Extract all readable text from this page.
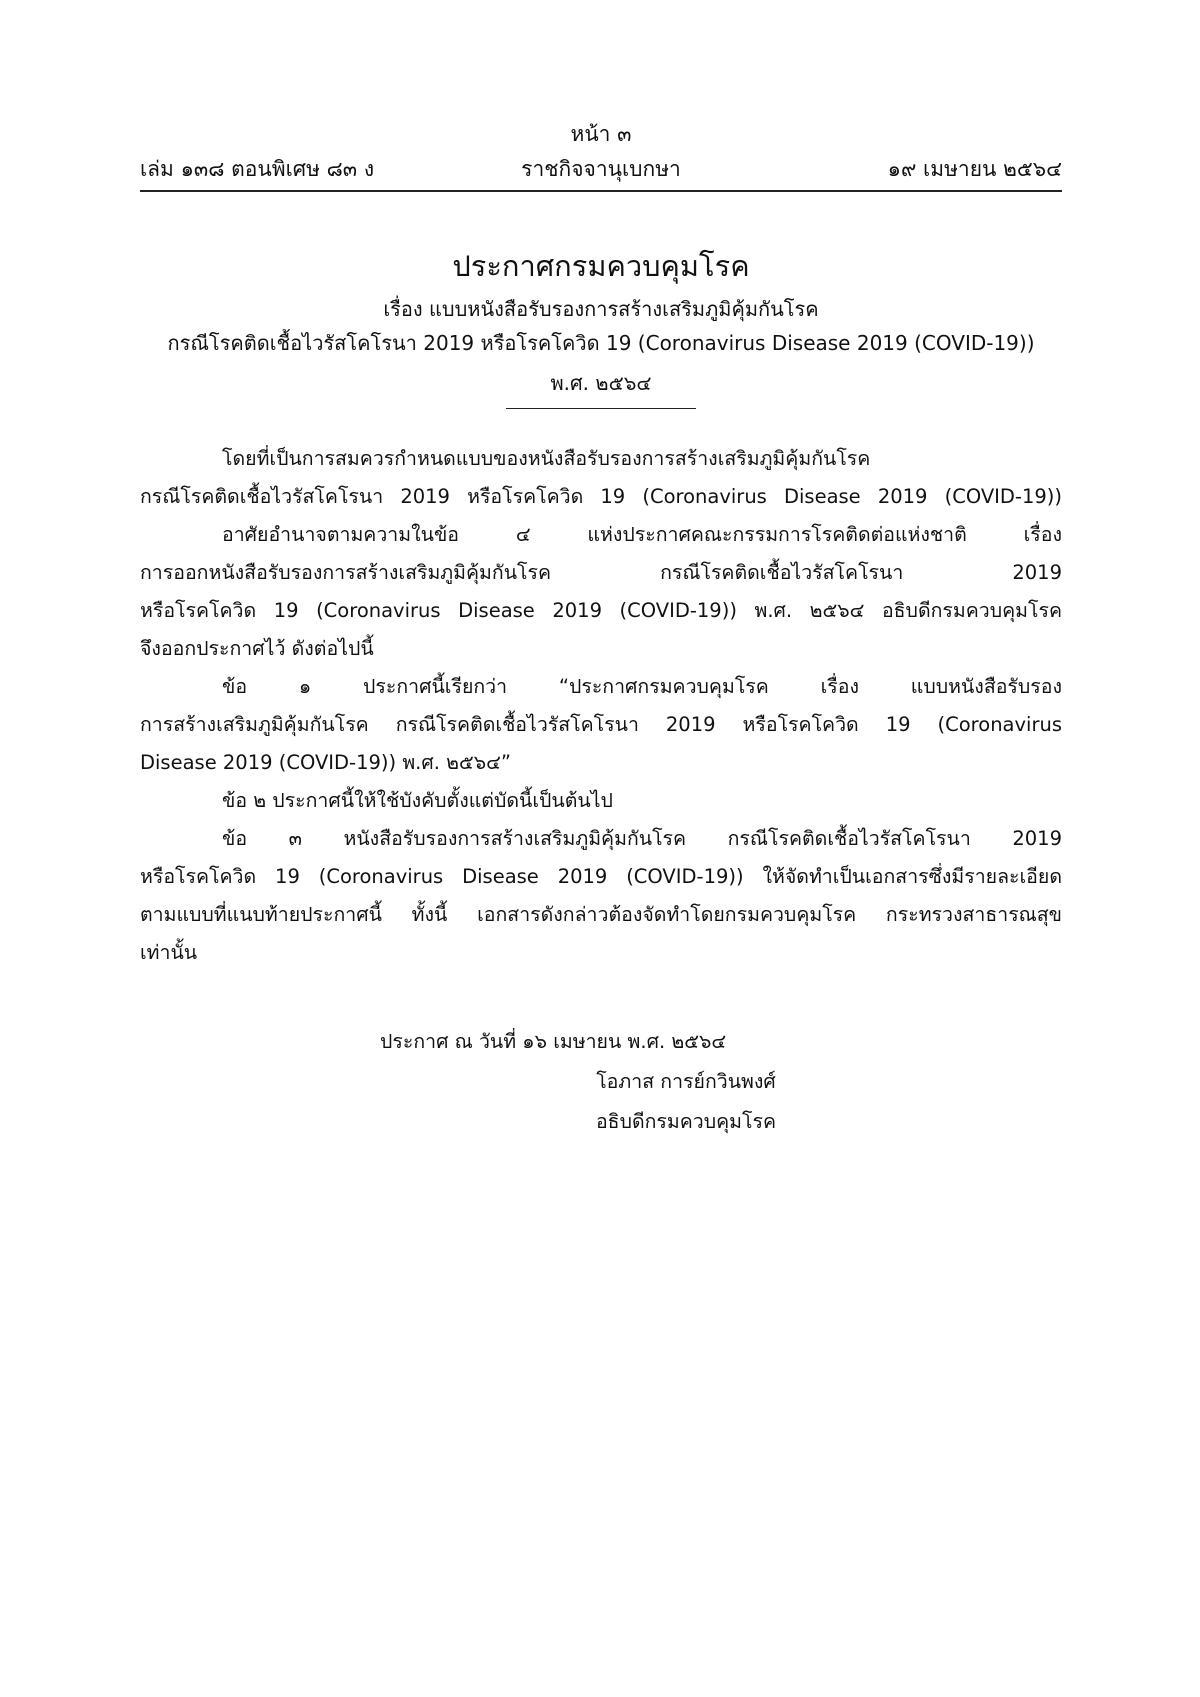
หน้า ๓
เล่ม ๑๓๘ ตอนพิเศษ ๘๓ ง	ราชกิจจานุเบกษา	๑๙ เมษายน ๒๕๖๔
ประกาศกรมควบคุมโรค
เรื่อง แบบหนังสือรับรองการสร้างเสริมภูมิคุ้มกันโรค
กรณีโรคติดเชื้อไวรัสโคโรนา 2019 หรือโรคโควิด 19 (Coronavirus Disease 2019 (COVID-19))
พ.ศ. ๒๕๖๔
โดยที่เป็นการสมควรกำหนดแบบของหนังสือรับรองการสร้างเสริมภูมิคุ้มกันโรค
กรณีโรคติดเชื้อไวรัสโคโรนา 2019 หรือโรคโควิด 19 (Coronavirus Disease 2019 (COVID-19))
อาศัยอำนาจตามความในข้อ ๔ แห่งประกาศคณะกรรมการโรคติดต่อแห่งชาติ เรื่อง
การออกหนังสือรับรองการสร้างเสริมภูมิคุ้มกันโรค กรณีโรคติดเชื้อไวรัสโคโรนา 2019
หรือโรคโควิด 19 (Coronavirus Disease 2019 (COVID-19)) พ.ศ. ๒๕๖๔ อธิบดีกรมควบคุมโรค
จึงออกประกาศไว้ ดังต่อไปนี้
ข้อ ๑ ประกาศนี้เรียกว่า “ประกาศกรมควบคุมโรค เรื่อง แบบหนังสือรับรอง
การสร้างเสริมภูมิคุ้มกันโรค กรณีโรคติดเชื้อไวรัสโคโรนา 2019 หรือโรคโควิด 19 (Coronavirus
Disease 2019 (COVID-19)) พ.ศ. ๒๕๖๔”
ข้อ ๒ ประกาศนี้ให้ใช้บังคับตั้งแต่บัดนี้เป็นต้นไป
ข้อ ๓ หนังสือรับรองการสร้างเสริมภูมิคุ้มกันโรค กรณีโรคติดเชื้อไวรัสโคโรนา 2019
หรือโรคโควิด 19 (Coronavirus Disease 2019 (COVID-19)) ให้จัดทำเป็นเอกสารซึ่งมีรายละเอียด
ตามแบบที่แนบท้ายประกาศนี้ ทั้งนี้ เอกสารดังกล่าวต้องจัดทำโดยกรมควบคุมโรค กระทรวงสาธารณสุข
เท่านั้น
ประกาศ ณ วันที่ ๑๖ เมษายน พ.ศ. ๒๕๖๔
โอภาส การย์กวินพงศ์
อธิบดีกรมควบคุมโรค
